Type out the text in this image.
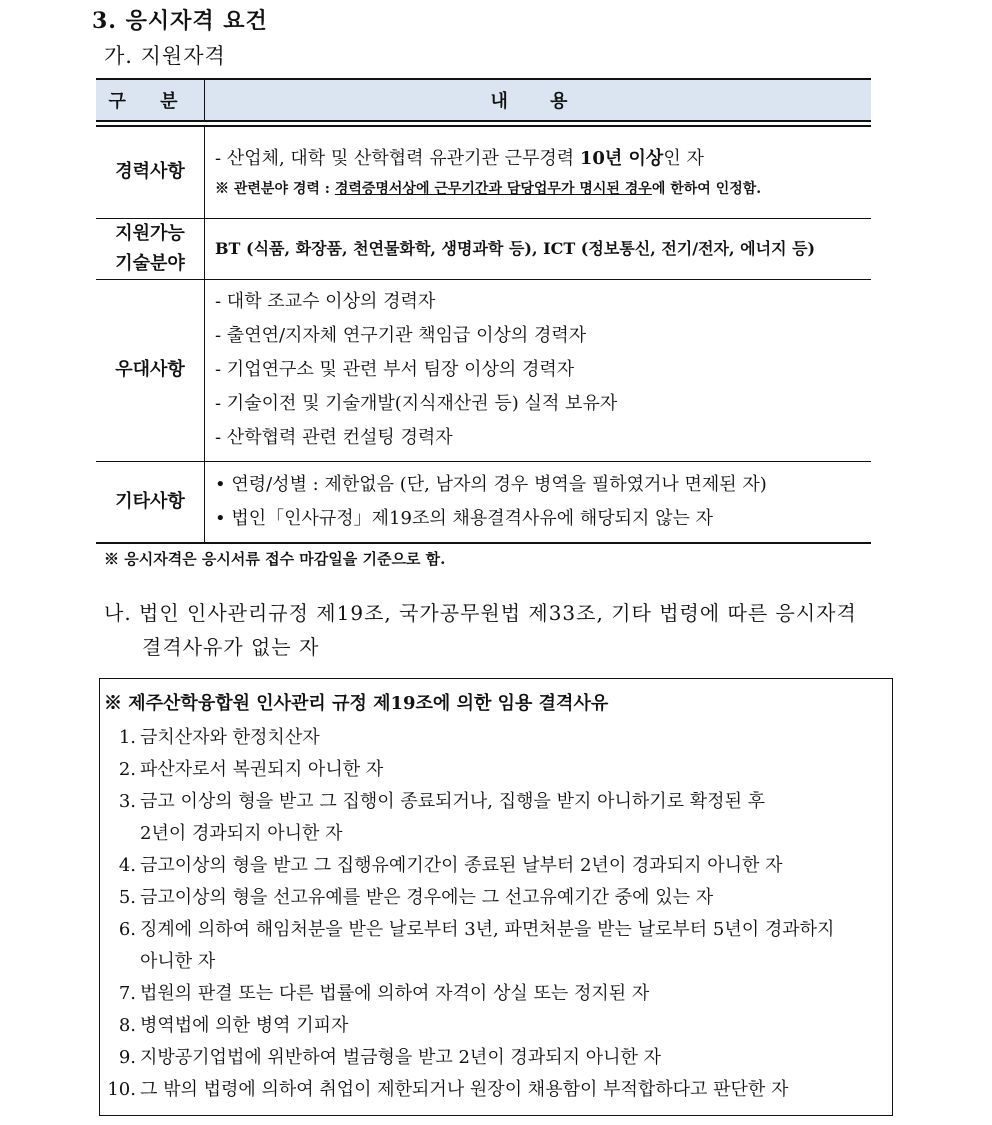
3. 응시자격 요건
가. 지원자격
구 분	내 용

경력사항	- 산업체, 대학 및 산학협력 유관기관 근무경력 10년 이상인 자
※ 관련분야 경력 : 경력증명서상에 근무기간과 담당업무가 명시된 경우에 한하여 인정함.

지원가능
기술분야	BT (식품, 화장품, 천연물화학, 생명과학 등), ICT (정보통신, 전기/전자, 에너지 등)

우대사항	- 대학 조교수 이상의 경력자
- 출연연/지자체 연구기관 책임급 이상의 경력자
- 기업연구소 및 관련 부서 팀장 이상의 경력자
- 기술이전 및 기술개발(지식재산권 등) 실적 보유자
- 산학협력 관련 컨설팅 경력자

기타사항	• 연령/성별 : 제한없음 (단, 남자의 경우 병역을 필하였거나 면제된 자)
• 법인「인사규정」제19조의 채용결격사유에 해당되지 않는 자
※ 응시자격은 응시서류 접수 마감일을 기준으로 함.
나. 법인 인사관리규정 제19조, 국가공무원법 제33조, 기타 법령에 따른 응시자격
결격사유가 없는 자
※ 제주산학융합원 인사관리 규정 제19조에 의한 임용 결격사유
1. 금치산자와 한정치산자
2. 파산자로서 복권되지 아니한 자
3. 금고 이상의 형을 받고 그 집행이 종료되거나, 집행을 받지 아니하기로 확정된 후
2년이 경과되지 아니한 자
4. 금고이상의 형을 받고 그 집행유예기간이 종료된 날부터 2년이 경과되지 아니한 자
5. 금고이상의 형을 선고유예를 받은 경우에는 그 선고유예기간 중에 있는 자
6. 징계에 의하여 해임처분을 받은 날로부터 3년, 파면처분을 받는 날로부터 5년이 경과하지
아니한 자
7. 법원의 판결 또는 다른 법률에 의하여 자격이 상실 또는 정지된 자
8. 병역법에 의한 병역 기피자
9. 지방공기업법에 위반하여 벌금형을 받고 2년이 경과되지 아니한 자
10. 그 밖의 법령에 의하여 취업이 제한되거나 원장이 채용함이 부적합하다고 판단한 자
